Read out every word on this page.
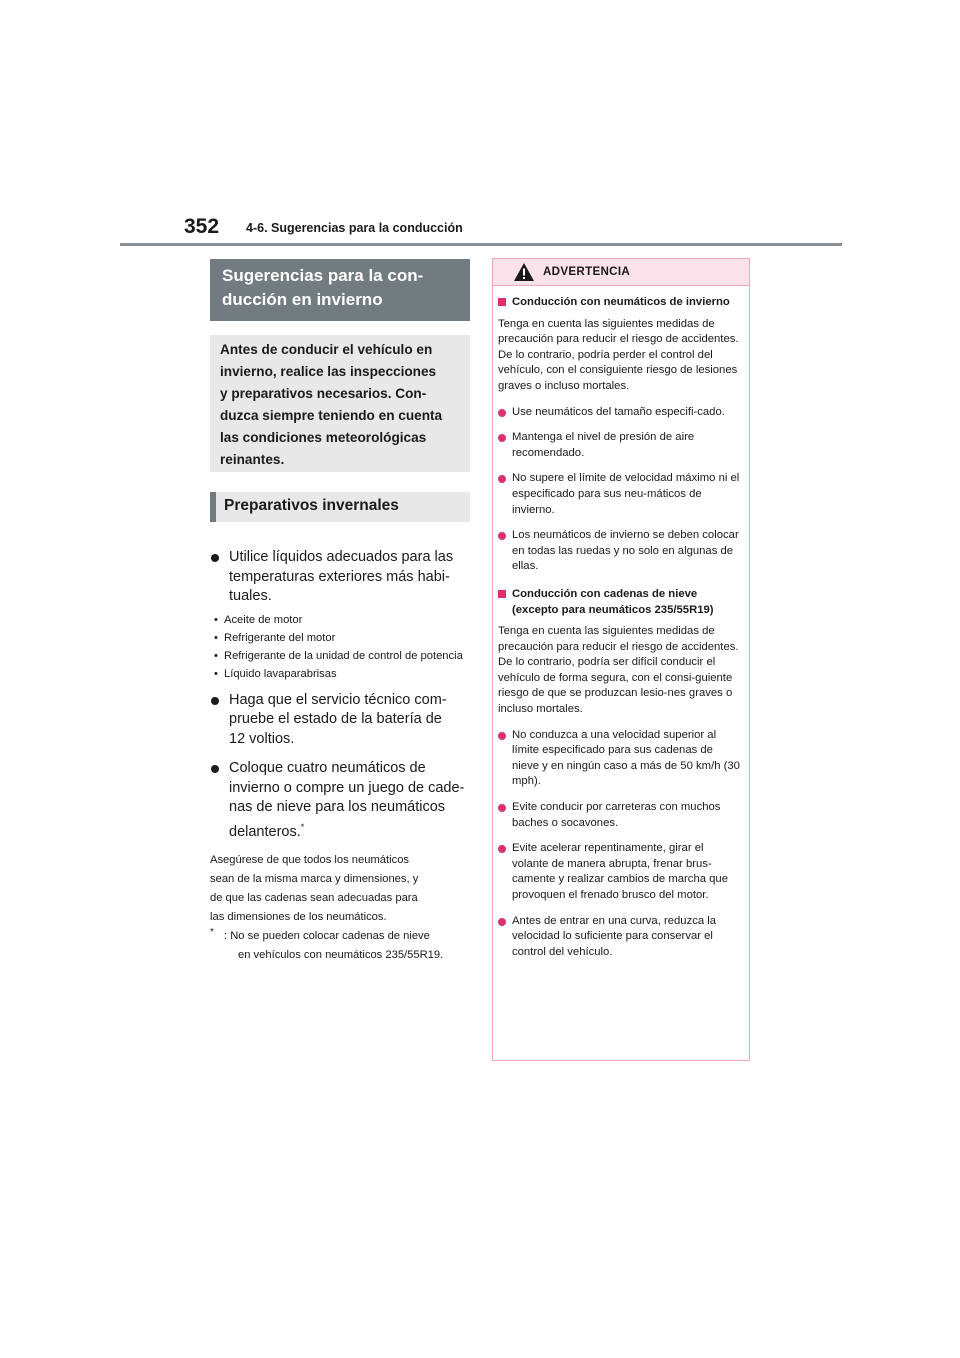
352 4-6. Sugerencias para la conducción
Sugerencias para la con-
ducción en invierno
Antes de conducir el vehículo en
invierno, realice las inspecciones
y preparativos necesarios. Con-
duzca siempre teniendo en cuenta
las condiciones meteorológicas
reinantes.
Preparativos invernales
Utilice líquidos adecuados para las
temperaturas exteriores más habi-
tuales.
• Aceite de motor
• Refrigerante del motor
• Refrigerante de la unidad de control de potencia
• Líquido lavaparabrisas
Haga que el servicio técnico com-
pruebe el estado de la batería de
12 voltios.
Coloque cuatro neumáticos de
invierno o compre un juego de cade-
nas de nieve para los neumáticos
delanteros.*
Asegúrese de que todos los neumáticos
sean de la misma marca y dimensiones, y
de que las cadenas sean adecuadas para
las dimensiones de los neumáticos.
* : No se pueden colocar cadenas de nieve
en vehículos con neumáticos 235/55R19.
ADVERTENCIA
Conducción con neumáticos de invierno
Tenga en cuenta las siguientes medidas de precaución para reducir el riesgo de accidentes.
De lo contrario, podría perder el control del vehículo, con el consiguiente riesgo de lesiones graves o incluso mortales.
Use neumáticos del tamaño especifi-cado.
Mantenga el nivel de presión de aire recomendado.
No supere el límite de velocidad máximo ni el especificado para sus neu-máticos de invierno.
Los neumáticos de invierno se deben colocar en todas las ruedas y no solo en algunas de ellas.
Conducción con cadenas de nieve (excepto para neumáticos 235/55R19)
Tenga en cuenta las siguientes medidas de precaución para reducir el riesgo de accidentes.
De lo contrario, podría ser difícil conducir el vehículo de forma segura, con el consi-guiente riesgo de que se produzcan lesio-nes graves o incluso mortales.
No conduzca a una velocidad superior al límite especificado para sus cadenas de nieve y en ningún caso a más de 50 km/h (30 mph).
Evite conducir por carreteras con muchos baches o socavones.
Evite acelerar repentinamente, girar el volante de manera abrupta, frenar brus-camente y realizar cambios de marcha que provoquen el frenado brusco del motor.
Antes de entrar en una curva, reduzca la velocidad lo suficiente para conservar el control del vehículo.
